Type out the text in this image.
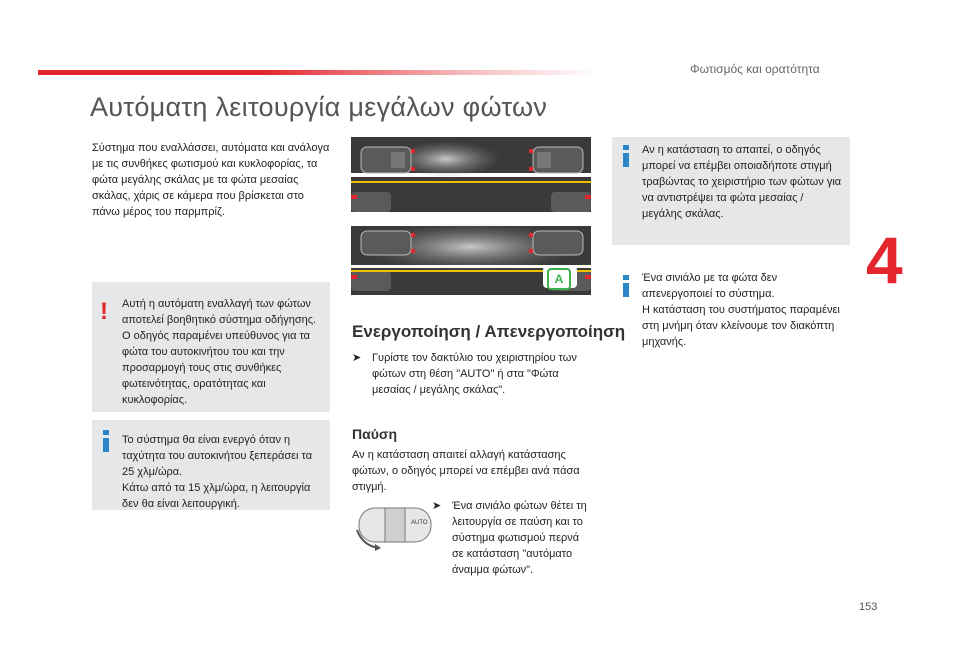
Φωτισμός και ορατότητα
Αυτόματη λειτουργία μεγάλων φώτων
Σύστημα που εναλλάσσει, αυτόματα και ανάλογα με τις συνθήκες φωτισμού και κυκλοφορίας, τα φώτα μεγάλης σκάλας με τα φώτα μεσαίας σκάλας, χάρις σε κάμερα που βρίσκεται στο πάνω μέρος του παρμπρίζ.
! Αυτή η αυτόματη εναλλαγή των φώτων αποτελεί βοηθητικό σύστημα οδήγησης. Ο οδηγός παραμένει υπεύθυνος για τα φώτα του αυτοκινήτου του και την προσαρμογή τους στις συνθήκες φωτεινότητας, ορατότητας και κυκλοφορίας.
Το σύστημα θα είναι ενεργό όταν η ταχύτητα του αυτοκινήτου ξεπεράσει τα 25 χλμ/ώρα.
Κάτω από τα 15 χλμ/ώρα, η λειτουργία δεν θα είναι λειτουργική.
A
Ενεργοποίηση / Απενεργοποίηση
➤ Γυρίστε τον δακτύλιο του χειριστηρίου των φώτων στη θέση "AUTO" ή στα "Φώτα μεσαίας / μεγάλης σκάλας".
Παύση
Αν η κατάσταση απαιτεί αλλαγή κατάστασης φώτων, ο οδηγός μπορεί να επέμβει ανά πάσα στιγμή.
AUTO
➤ Ένα σινιάλο φώτων θέτει τη λειτουργία σε παύση και το σύστημα φωτισμού περνά σε κατάσταση "αυτόματο άναμμα φώτων".
Αν η κατάσταση το απαιτεί, ο οδηγός μπορεί να επέμβει οποιαδήποτε στιγμή τραβώντας το χειριστήριο των φώτων για να αντιστρέψει τα φώτα μεσαίας / μεγάλης σκάλας.
Ένα σινιάλο με τα φώτα δεν απενεργοποιεί το σύστημα.
Η κατάσταση του συστήματος παραμένει στη μνήμη όταν κλείνουμε τον διακόπτη μηχανής.
4
153
